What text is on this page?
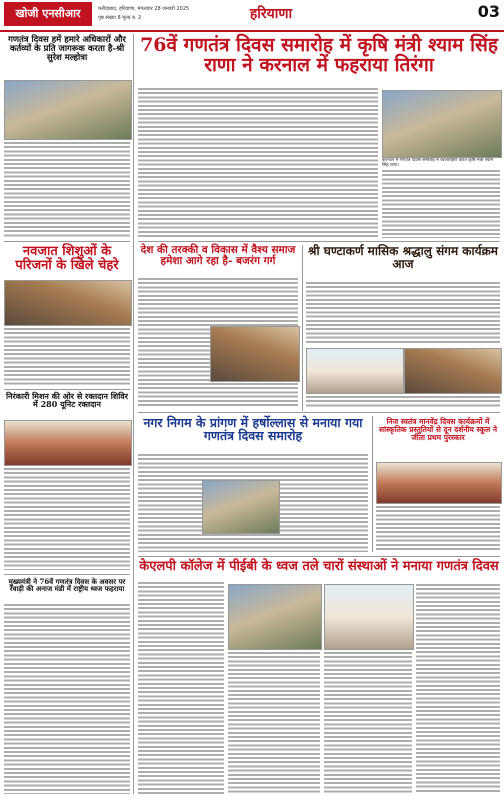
खोजी एनसीआर	फरीदाबाद, हरियाणा, मंगलवार 28 जनवरी 2025
पृष्ठ संख्या 8 मूल्य रु. 2	हरियाणा	03
गणतंत्र दिवस हमें हमारे अधिकारों और कर्तव्यों के प्रति जागरूक करता है-श्री सुरेश मल्होत्रा
नवजात शिशुओं के परिजनों के खिले चेहरे
निरंकारी मिशन की ओर से रक्तदान शिविर में 280 यूनिट रक्तदान
मुख्यमंत्री ने 76वें गणतंत्र दिवस के अवसर पर रेवाड़ी की अनाज मंडी में राष्ट्रीय ध्वज फहराया
76वें गणतंत्र दिवस समारोह में कृषि मंत्री श्याम सिंह राणा ने करनाल में फहराया तिरंगा
करनाल में गणतंत्र दिवस समारोह में ध्वजारोहण करते कृषि मंत्री श्याम सिंह राणा।
देश की तरक्की व विकास में वैश्य समाज हमेशा आगे रहा है- बजरंग गर्ग
श्री घण्टाकर्ण मासिक श्रद्धालु संगम कार्यक्रम आज
नगर निगम के प्रांगण में हर्षोल्लास से मनाया गया गणतंत्र दिवस समारोह
निज स्वतंत्र मानवेंद्र दिवस कार्यक्रमों में सांस्कृतिक प्रस्तुतियों से दून दर्शनीय स्कूल ने जीता प्रथम पुरस्कार
केएलपी कॉलेज में पीईबी के ध्वज तले चारों संस्थाओं ने मनाया गणतंत्र दिवस
